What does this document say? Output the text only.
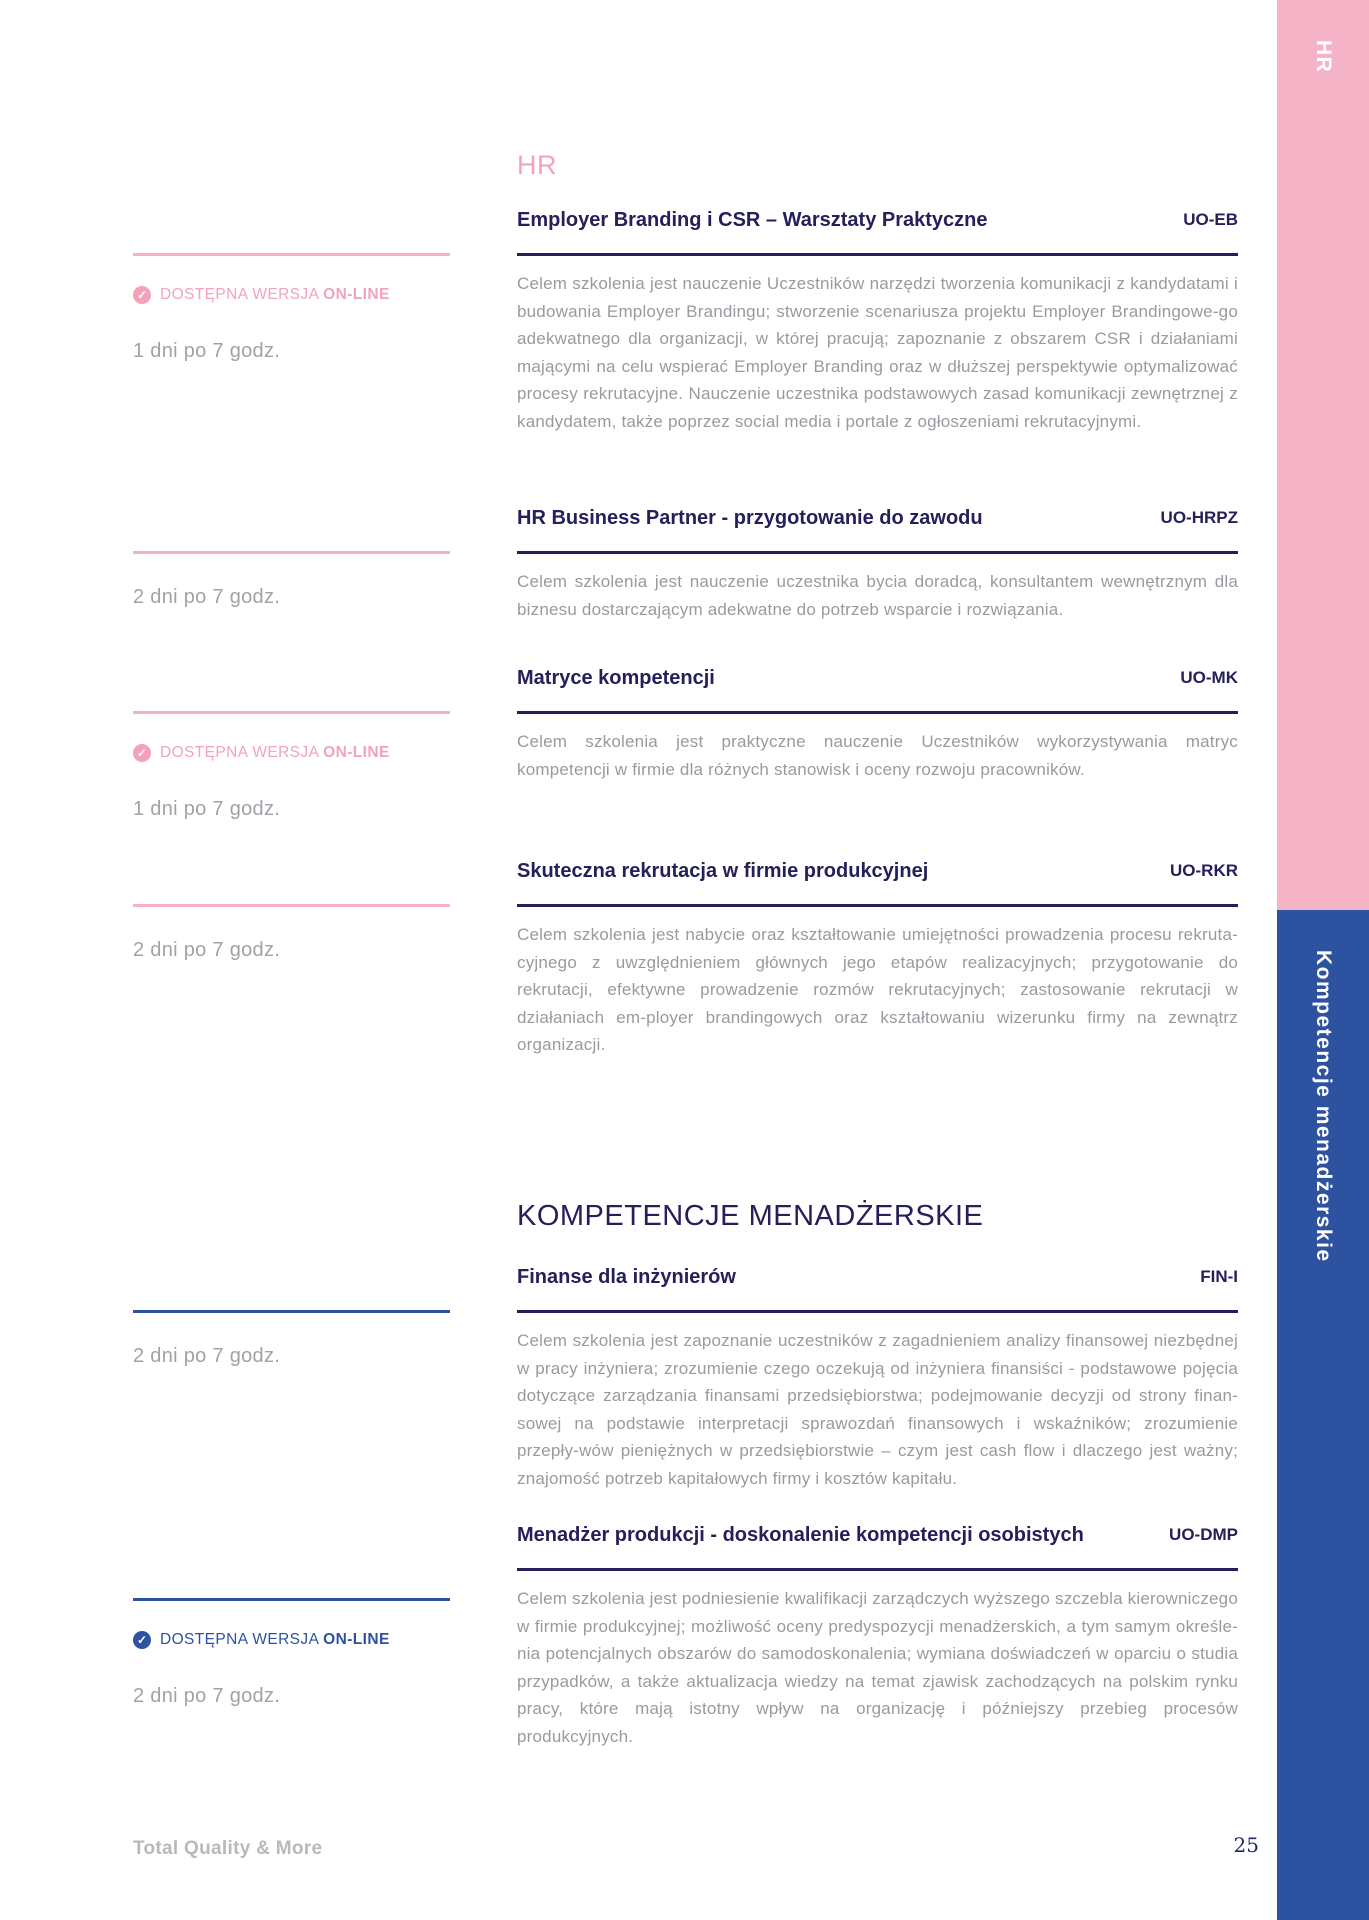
HR
Kompetencje menadżerskie
HR
KOMPETENCJE MENADŻERSKIE
Employer Branding i CSR – Warsztaty Praktyczne	UO-EB

Celem szkolenia jest nauczenie Uczestników narzędzi tworzenia komunikacji z kandydatami i budowania Employer Brandingu; stworzenie scenariusza projektu Employer Brandingowe-go adekwatnego dla organizacji, w której pracują; zapoznanie z obszarem CSR i działaniami mającymi na celu wspierać Employer Branding oraz w dłuższej perspektywie optymalizować procesy rekrutacyjne. Nauczenie uczestnika podstawowych zasad komunikacji zewnętrznej z kandydatem, także poprzez social media i portale z ogłoszeniami rekrutacyjnymi.

✓ DOSTĘPNA WERSJA ON-LINE
1 dni po 7 godz.
HR Business Partner - przygotowanie do zawodu	UO-HRPZ

Celem szkolenia jest nauczenie uczestnika bycia doradcą, konsultantem wewnętrznym dla biznesu dostarczającym adekwatne do potrzeb wsparcie i rozwiązania.

2 dni po 7 godz.
Matryce kompetencji	UO-MK

Celem szkolenia jest praktyczne nauczenie Uczestników wykorzystywania matryc kompetencji w firmie dla różnych stanowisk i oceny rozwoju pracowników.

✓ DOSTĘPNA WERSJA ON-LINE
1 dni po 7 godz.
Skuteczna rekrutacja w firmie produkcyjnej	UO-RKR

Celem szkolenia jest nabycie oraz kształtowanie umiejętności prowadzenia procesu rekruta-cyjnego z uwzględnieniem głównych jego etapów realizacyjnych; przygotowanie do rekrutacji, efektywne prowadzenie rozmów rekrutacyjnych; zastosowanie rekrutacji w działaniach em-ployer brandingowych oraz kształtowaniu wizerunku firmy na zewnątrz organizacji.

2 dni po 7 godz.
Finanse dla inżynierów	FIN-I

Celem szkolenia jest zapoznanie uczestników z zagadnieniem analizy finansowej niezbędnej w pracy inżyniera; zrozumienie czego oczekują od inżyniera finansiści - podstawowe pojęcia dotyczące zarządzania finansami przedsiębiorstwa; podejmowanie decyzji od strony finan-sowej na podstawie interpretacji sprawozdań finansowych i wskaźników; zrozumienie przepły-wów pieniężnych w przedsiębiorstwie – czym jest cash flow i dlaczego jest ważny; znajomość potrzeb kapitałowych firmy i kosztów kapitału.

2 dni po 7 godz.
Menadżer produkcji - doskonalenie kompetencji osobistych	UO-DMP

Celem szkolenia jest podniesienie kwalifikacji zarządczych wyższego szczebla kierowniczego w firmie produkcyjnej; możliwość oceny predyspozycji menadżerskich, a tym samym określe-nia potencjalnych obszarów do samodoskonalenia; wymiana doświadczeń w oparciu o studia przypadków, a także aktualizacja wiedzy na temat zjawisk zachodzących na polskim rynku pracy, które mają istotny wpływ na organizację i późniejszy przebieg procesów produkcyjnych.

✓ DOSTĘPNA WERSJA ON-LINE
2 dni po 7 godz.
Total Quality & More	25
